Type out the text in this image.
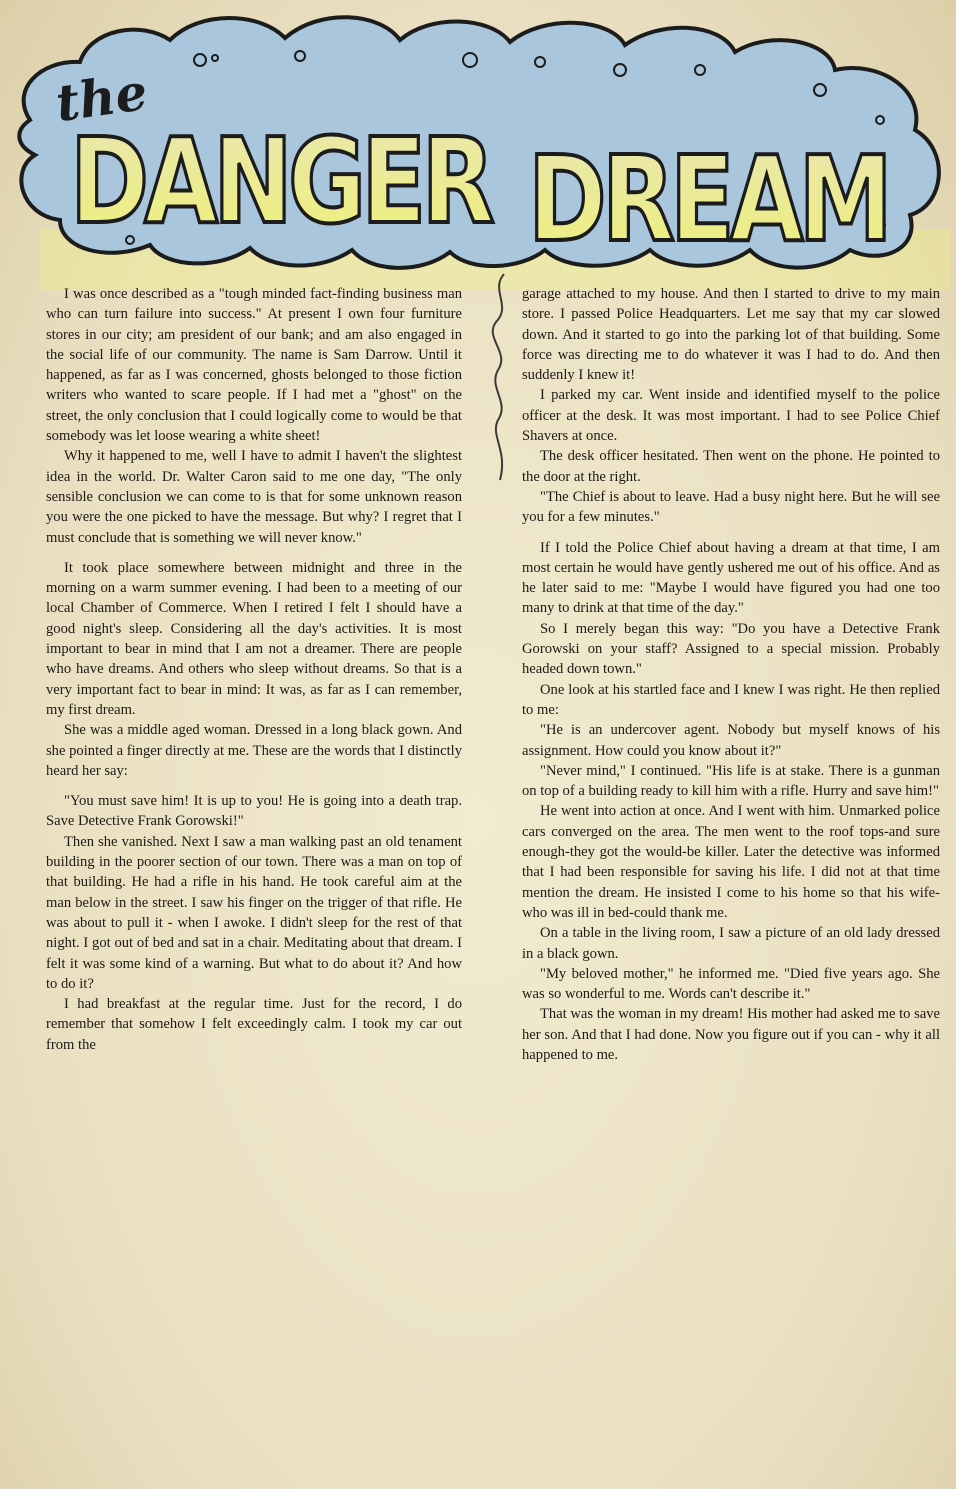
the
DANGER DREAM

I was once described as a "tough minded fact-finding business man who can turn failure into success." At present I own four furniture stores in our city; am president of our bank; and am also engaged in the social life of our community. The name is Sam Darrow. Until it happened, as far as I was concerned, ghosts belonged to those fiction writers who wanted to scare people. If I had met a "ghost" on the street, the only conclusion that I could logically come to would be that somebody was let loose wearing a white sheet!

Why it happened to me, well I have to admit I haven't the slightest idea in the world. Dr. Walter Caron said to me one day, "The only sensible conclusion we can come to is that for some unknown reason you were the one picked to have the message. But why? I regret that I must conclude that is something we will never know."

It took place somewhere between midnight and three in the morning on a warm summer evening. I had been to a meeting of our local Chamber of Commerce. When I retired I felt I should have a good night's sleep. Considering all the day's activities. It is most important to bear in mind that I am not a dreamer. There are people who have dreams. And others who sleep without dreams. So that is a very important fact to bear in mind: It was, as far as I can remember, my first dream.

She was a middle aged woman. Dressed in a long black gown. And she pointed a finger directly at me. These are the words that I distinctly heard her say:

"You must save him! It is up to you! He is going into a death trap. Save Detective Frank Gorowski!"

Then she vanished. Next I saw a man walking past an old tenament building in the poorer section of our town. There was a man on top of that building. He had a rifle in his hand. He took careful aim at the man below in the street. I saw his finger on the trigger of that rifle. He was about to pull it - when I awoke. I didn't sleep for the rest of that night. I got out of bed and sat in a chair. Meditating about that dream. I felt it was some kind of a warning. But what to do about it? And how to do it?

I had breakfast at the regular time. Just for the record, I do remember that somehow I felt exceedingly calm. I took my car out from the

garage attached to my house. And then I started to drive to my main store. I passed Police Headquarters. Let me say that my car slowed down. And it started to go into the parking lot of that building. Some force was directing me to do whatever it was I had to do. And then suddenly I knew it!

I parked my car. Went inside and identified myself to the police officer at the desk. It was most important. I had to see Police Chief Shavers at once.

The desk officer hesitated. Then went on the phone. He pointed to the door at the right.

"The Chief is about to leave. Had a busy night here. But he will see you for a few minutes."

If I told the Police Chief about having a dream at that time, I am most certain he would have gently ushered me out of his office. And as he later said to me: "Maybe I would have figured you had one too many to drink at that time of the day."

So I merely began this way: "Do you have a Detective Frank Gorowski on your staff? Assigned to a special mission. Probably headed down town."

One look at his startled face and I knew I was right. He then replied to me:

"He is an undercover agent. Nobody but myself knows of his assignment. How could you know about it?"

"Never mind," I continued. "His life is at stake. There is a gunman on top of a building ready to kill him with a rifle. Hurry and save him!"

He went into action at once. And I went with him. Unmarked police cars converged on the area. The men went to the roof tops-and sure enough-they got the would-be killer. Later the detective was informed that I had been responsible for saving his life. I did not at that time mention the dream. He insisted I come to his home so that his wife-who was ill in bed-could thank me.

On a table in the living room, I saw a picture of an old lady dressed in a black gown.

"My beloved mother," he informed me. "Died five years ago. She was so wonderful to me. Words can't describe it."

That was the woman in my dream! His mother had asked me to save her son. And that I had done. Now you figure out if you can - why it all happened to me.
